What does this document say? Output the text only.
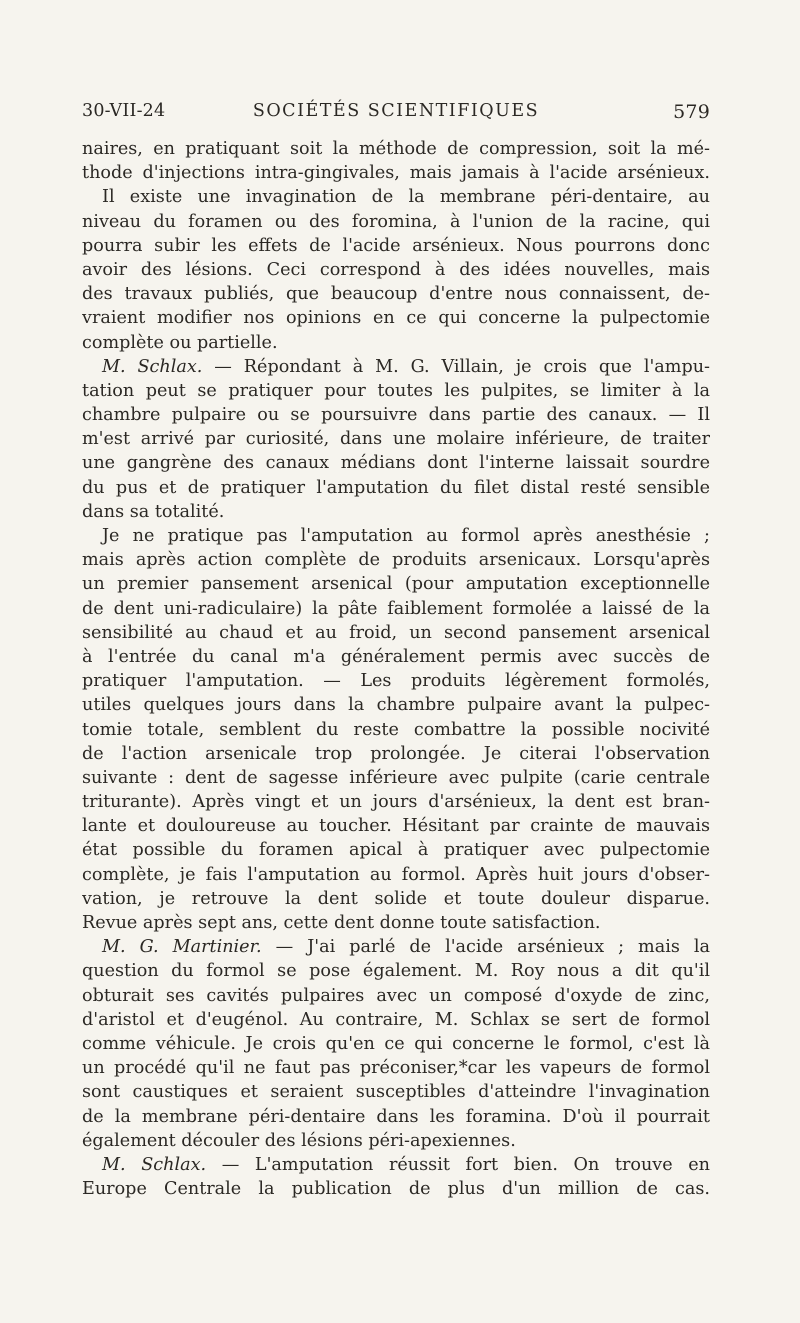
30-VII-24	SOCIÉTÉS SCIENTIFIQUES	579
naires, en pratiquant soit la méthode de compression, soit la mé-
thode d'injections intra-gingivales, mais jamais à l'acide arsénieux.
Il existe une invagination de la membrane péri-dentaire, au
niveau du foramen ou des foromina, à l'union de la racine, qui
pourra subir les effets de l'acide arsénieux. Nous pourrons donc
avoir des lésions. Ceci correspond à des idées nouvelles, mais
des travaux publiés, que beaucoup d'entre nous connaissent, de-
vraient modifier nos opinions en ce qui concerne la pulpectomie
complète ou partielle.
M. Schlax. — Répondant à M. G. Villain, je crois que l'ampu-
tation peut se pratiquer pour toutes les pulpites, se limiter à la
chambre pulpaire ou se poursuivre dans partie des canaux. — Il
m'est arrivé par curiosité, dans une molaire inférieure, de traiter
une gangrène des canaux médians dont l'interne laissait sourdre
du pus et de pratiquer l'amputation du filet distal resté sensible
dans sa totalité.
Je ne pratique pas l'amputation au formol après anesthésie ;
mais après action complète de produits arsenicaux. Lorsqu'après
un premier pansement arsenical (pour amputation exceptionnelle
de dent uni-radiculaire) la pâte faiblement formolée a laissé de la
sensibilité au chaud et au froid, un second pansement arsenical
à l'entrée du canal m'a généralement permis avec succès de
pratiquer l'amputation. — Les produits légèrement formolés,
utiles quelques jours dans la chambre pulpaire avant la pulpec-
tomie totale, semblent du reste combattre la possible nocivité
de l'action arsenicale trop prolongée. Je citerai l'observation
suivante : dent de sagesse inférieure avec pulpite (carie centrale
triturante). Après vingt et un jours d'arsénieux, la dent est bran-
lante et douloureuse au toucher. Hésitant par crainte de mauvais
état possible du foramen apical à pratiquer avec pulpectomie
complète, je fais l'amputation au formol. Après huit jours d'obser-
vation, je retrouve la dent solide et toute douleur disparue.
Revue après sept ans, cette dent donne toute satisfaction.
M. G. Martinier. — J'ai parlé de l'acide arsénieux ; mais la
question du formol se pose également. M. Roy nous a dit qu'il
obturait ses cavités pulpaires avec un composé d'oxyde de zinc,
d'aristol et d'eugénol. Au contraire, M. Schlax se sert de formol
comme véhicule. Je crois qu'en ce qui concerne le formol, c'est là
un procédé qu'il ne faut pas préconiser,*car les vapeurs de formol
sont caustiques et seraient susceptibles d'atteindre l'invagination
de la membrane péri-dentaire dans les foramina. D'où il pourrait
également découler des lésions péri-apexiennes.
M. Schlax. — L'amputation réussit fort bien. On trouve en
Europe Centrale la publication de plus d'un million de cas.
